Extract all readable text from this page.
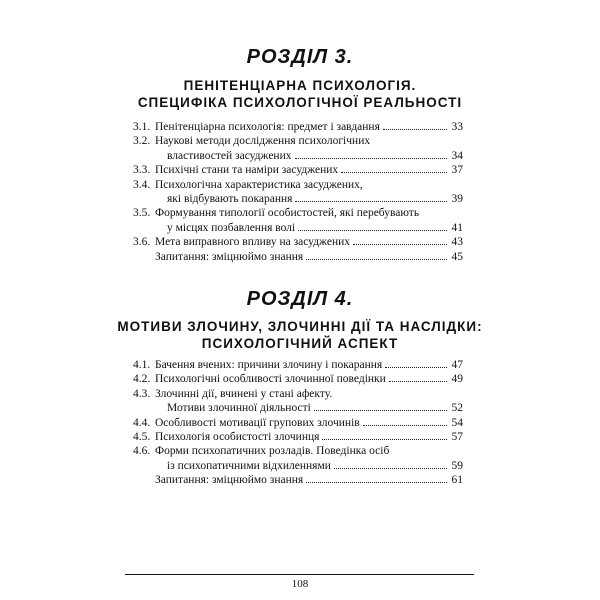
РОЗДІЛ 3.
ПЕНІТЕНЦІАРНА ПСИХОЛОГІЯ.
СПЕЦИФІКА ПСИХОЛОГІЧНОЇ РЕАЛЬНОСТІ
3.1. Пенітенціарна психологія: предмет і завдання	33
3.2. Наукові методи дослідження психологічних
властивостей засуджених	34
3.3. Психічні стани та наміри засуджених	37
3.4. Психологічна характеристика засуджених,
які відбувають покарання	39
3.5. Формування типології особистостей, які перебувають
у місцях позбавлення волі	41
3.6. Мета виправного впливу на засуджених	43
Запитання: зміцнюймо знання	45
РОЗДІЛ 4.
МОТИВИ ЗЛОЧИНУ, ЗЛОЧИННІ ДІЇ ТА НАСЛІДКИ:
ПСИХОЛОГІЧНИЙ АСПЕКТ
4.1. Бачення вчених: причини злочину і покарання	47
4.2. Психологічні особливості злочинної поведінки	49
4.3. Злочинні дії, вчинені у стані афекту.
Мотиви злочинної діяльності	52
4.4. Особливості мотивації групових злочинів	54
4.5. Психологія особистості злочинця	57
4.6. Форми психопатичних розладів. Поведінка осіб
із психопатичними відхиленнями	59
Запитання: зміцнюймо знання	61
108
